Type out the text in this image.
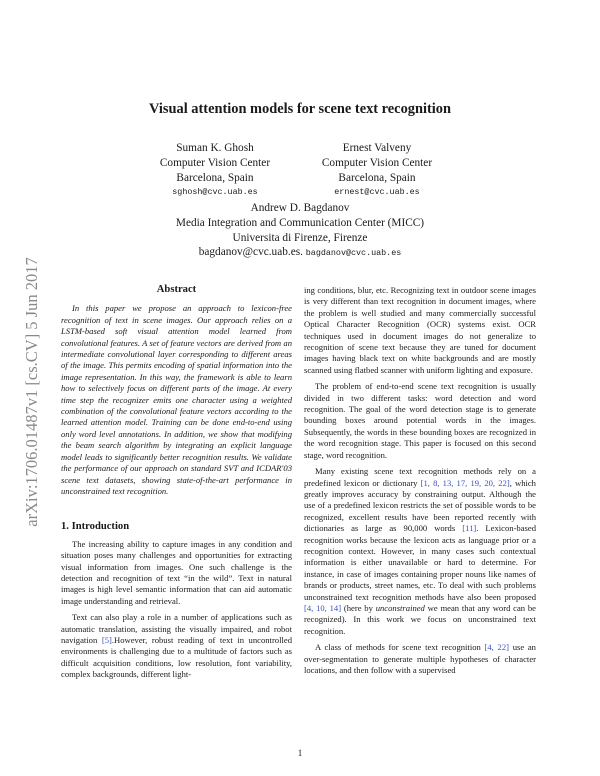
arXiv:1706.01487v1 [cs.CV] 5 Jun 2017
Visual attention models for scene text recognition
Suman K. Ghosh
Computer Vision Center
Barcelona, Spain
sghosh@cvc.uab.es
Ernest Valveny
Computer Vision Center
Barcelona, Spain
ernest@cvc.uab.es
Andrew D. Bagdanov
Media Integration and Communication Center (MICC)
Universita di Firenze, Firenze
bagdanov@cvc.uab.es. bagdanov@cvc.uab.es
Abstract

In this paper we propose an approach to lexicon-free recognition of text in scene images. Our approach relies on a LSTM-based soft visual attention model learned from convolutional features. A set of feature vectors are derived from an intermediate convolutional layer corresponding to different areas of the image. This permits encoding of spatial information into the image representation. In this way, the framework is able to learn how to selectively focus on different parts of the image. At every time step the recognizer emits one character using a weighted combination of the convolutional feature vectors according to the learned attention model. Training can be done end-to-end using only word level annotations. In addition, we show that modifying the beam search algorithm by integrating an explicit language model leads to significantly better recognition results. We validate the performance of our approach on standard SVT and ICDAR'03 scene text datasets, showing state-of-the-art performance in unconstrained text recognition.

1. Introduction

The increasing ability to capture images in any condition and situation poses many challenges and opportunities for extracting visual information from images. One such challenge is the detection and recognition of text “in the wild”. Text in natural images is high level semantic information that can aid automatic image understanding and retrieval.

Text can also play a role in a number of applications such as automatic translation, assisting the visually impaired, and robot navigation [5].However, robust reading of text in uncontrolled environments is challenging due to a multitude of factors such as difficult acquisition conditions, low resolution, font variability, complex backgrounds, different light-

ing conditions, blur, etc. Recognizing text in outdoor scene images is very different than text recognition in document images, where the problem is well studied and many commercially successful Optical Character Recognition (OCR) systems exist. OCR techniques used in document images do not generalize to recognition of scene text because they are tuned for document images having black text on white backgrounds and are mostly scanned using flatbed scanner with uniform lighting and exposure.

The problem of end-to-end scene text recognition is usually divided in two different tasks: word detection and word recognition. The goal of the word detection stage is to generate bounding boxes around potential words in the images. Subsequently, the words in these bounding boxes are recognized in the word recognition stage. This paper is focused on this second stage, word recognition.

Many existing scene text recognition methods rely on a predefined lexicon or dictionary [1, 8, 13, 17, 19, 20, 22], which greatly improves accuracy by constraining output. Although the use of a predefined lexicon restricts the set of possible words to be recognized, excellent results have been reported recently with dictionaries as large as 90,000 words [11]. Lexicon-based recognition works because the lexicon acts as language prior or a recognition context. However, in many cases such contextual information is either unavailable or hard to determine. For instance, in case of images containing proper nouns like names of brands or products, street names, etc. To deal with such problems unconstrained text recognition methods have also been proposed [4, 10, 14] (here by unconstrained we mean that any word can be recognized). In this work we focus on unconstrained text recognition.

A class of methods for scene text recognition [4, 22] use an over-segmentation to generate multiple hypotheses of character locations, and then follow with a supervised

1
